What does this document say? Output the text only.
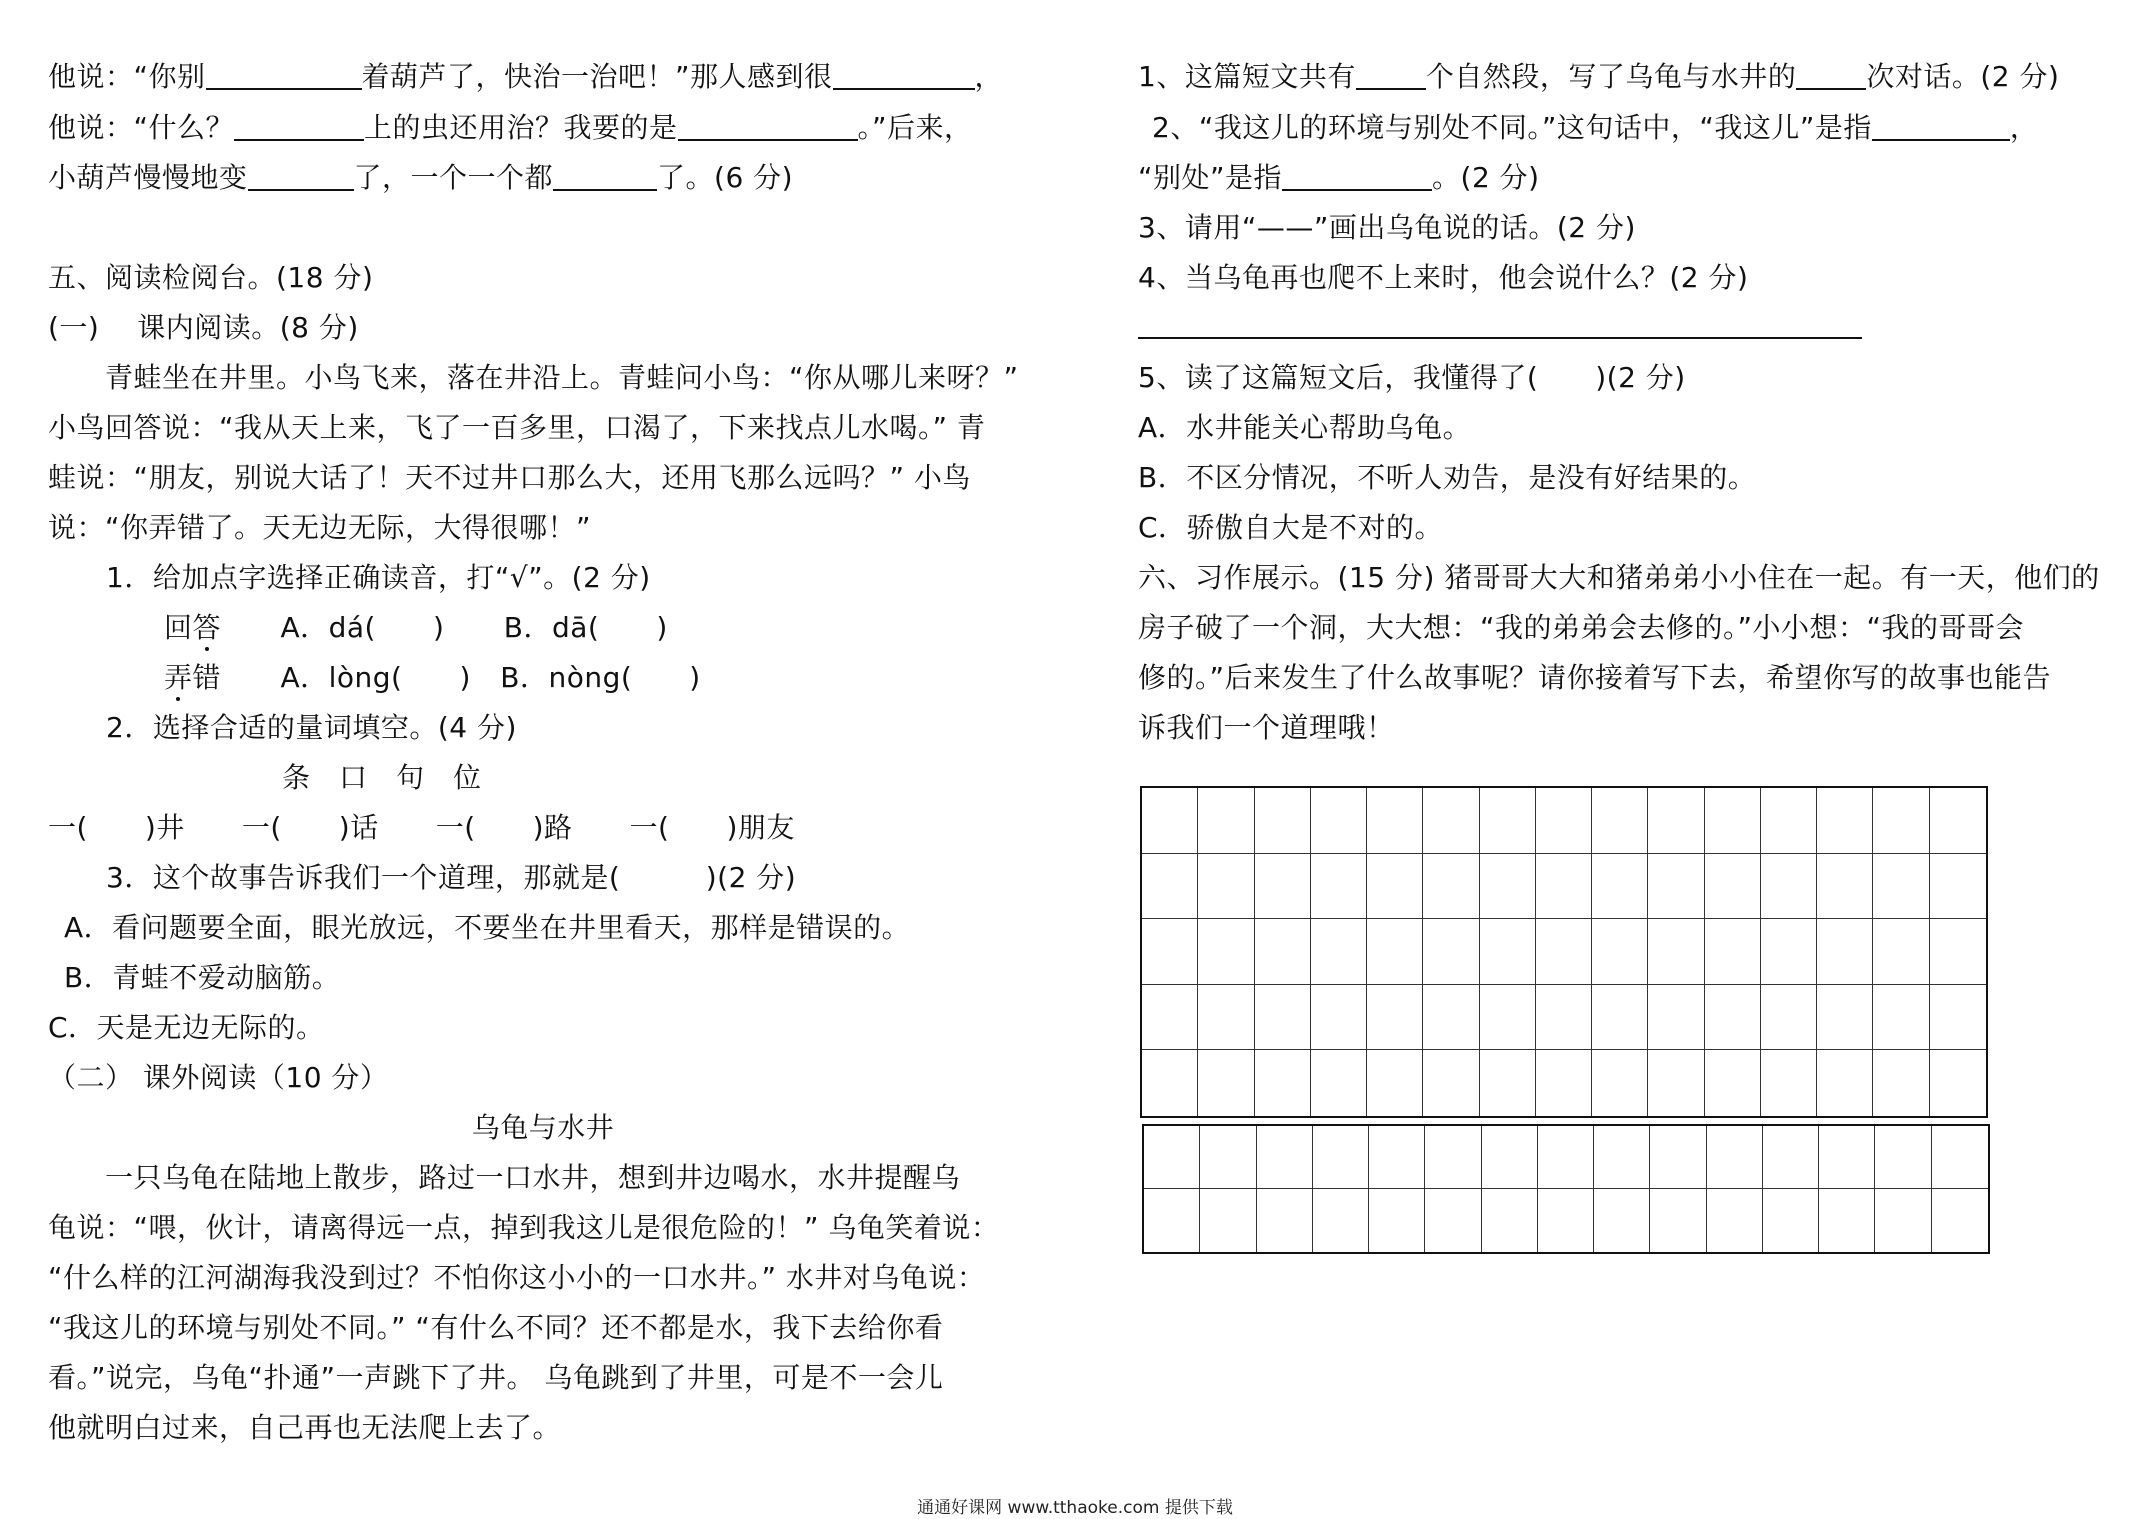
他说：“你别	着葫芦了，快治一治吧！”那人感到很	，
他说：“什么？	上的虫还用治？我要的是	。”后来，
小葫芦慢慢地变	了，一个一个都	了。(6 分)
五、阅读检阅台。(18 分)
(一)　 课内阅读。(8 分)
　　青蛙坐在井里。小鸟飞来，落在井沿上。青蛙问小鸟：“你从哪儿来呀？”
小鸟回答说：“我从天上来，飞了一百多里，口渴了，下来找点儿水喝。” 青
蛙说：“朋友，别说大话了！天不过井口那么大，还用飞那么远吗？” 小鸟
说：“你弄错了。天无边无际，大得很哪！”
1．给加点字选择正确读音，打“√”。(2 分)
回答 A．dá(　　) B．dā(　　)
弄错 A．lòng(　　) B．nòng(　　)
2．选择合适的量词填空。(4 分)
条　口　句　位
一(　　)井　　一(　　)话　　一(　　)路　　一(　　)朋友
3．这个故事告诉我们一个道理，那就是(　　　)(2 分)
A．看问题要全面，眼光放远，不要坐在井里看天，那样是错误的。
B．青蛙不爱动脑筋。
C．天是无边无际的。
（二） 课外阅读（10 分）
乌龟与水井
　　一只乌龟在陆地上散步，路过一口水井，想到井边喝水，水井提醒乌
龟说：“喂，伙计，请离得远一点，掉到我这儿是很危险的！” 乌龟笑着说：
“什么样的江河湖海我没到过？不怕你这小小的一口水井。” 水井对乌龟说：
“我这儿的环境与别处不同。” “有什么不同？还不都是水，我下去给你看
看。”说完，乌龟“扑通”一声跳下了井。 乌龟跳到了井里，可是不一会儿
他就明白过来，自己再也无法爬上去了。
1、这篇短文共有	个自然段，写了乌龟与水井的	次对话。(2 分)
2、“我这儿的环境与别处不同。”这句话中，“我这儿”是指	，
“别处”是指	。(2 分)
3、请用“——”画出乌龟说的话。(2 分)
4、当乌龟再也爬不上来时，他会说什么？(2 分)
5、读了这篇短文后，我懂得了(　　)(2 分)
A．水井能关心帮助乌龟。
B．不区分情况，不听人劝告，是没有好结果的。
C．骄傲自大是不对的。
六、习作展示。(15 分) 猪哥哥大大和猪弟弟小小住在一起。有一天，他们的
房子破了一个洞，大大想：“我的弟弟会去修的。”小小想：“我的哥哥会
修的。”后来发生了什么故事呢？请你接着写下去，希望你写的故事也能告
诉我们一个道理哦！
通通好课网 www.tthaoke.com 提供下载
